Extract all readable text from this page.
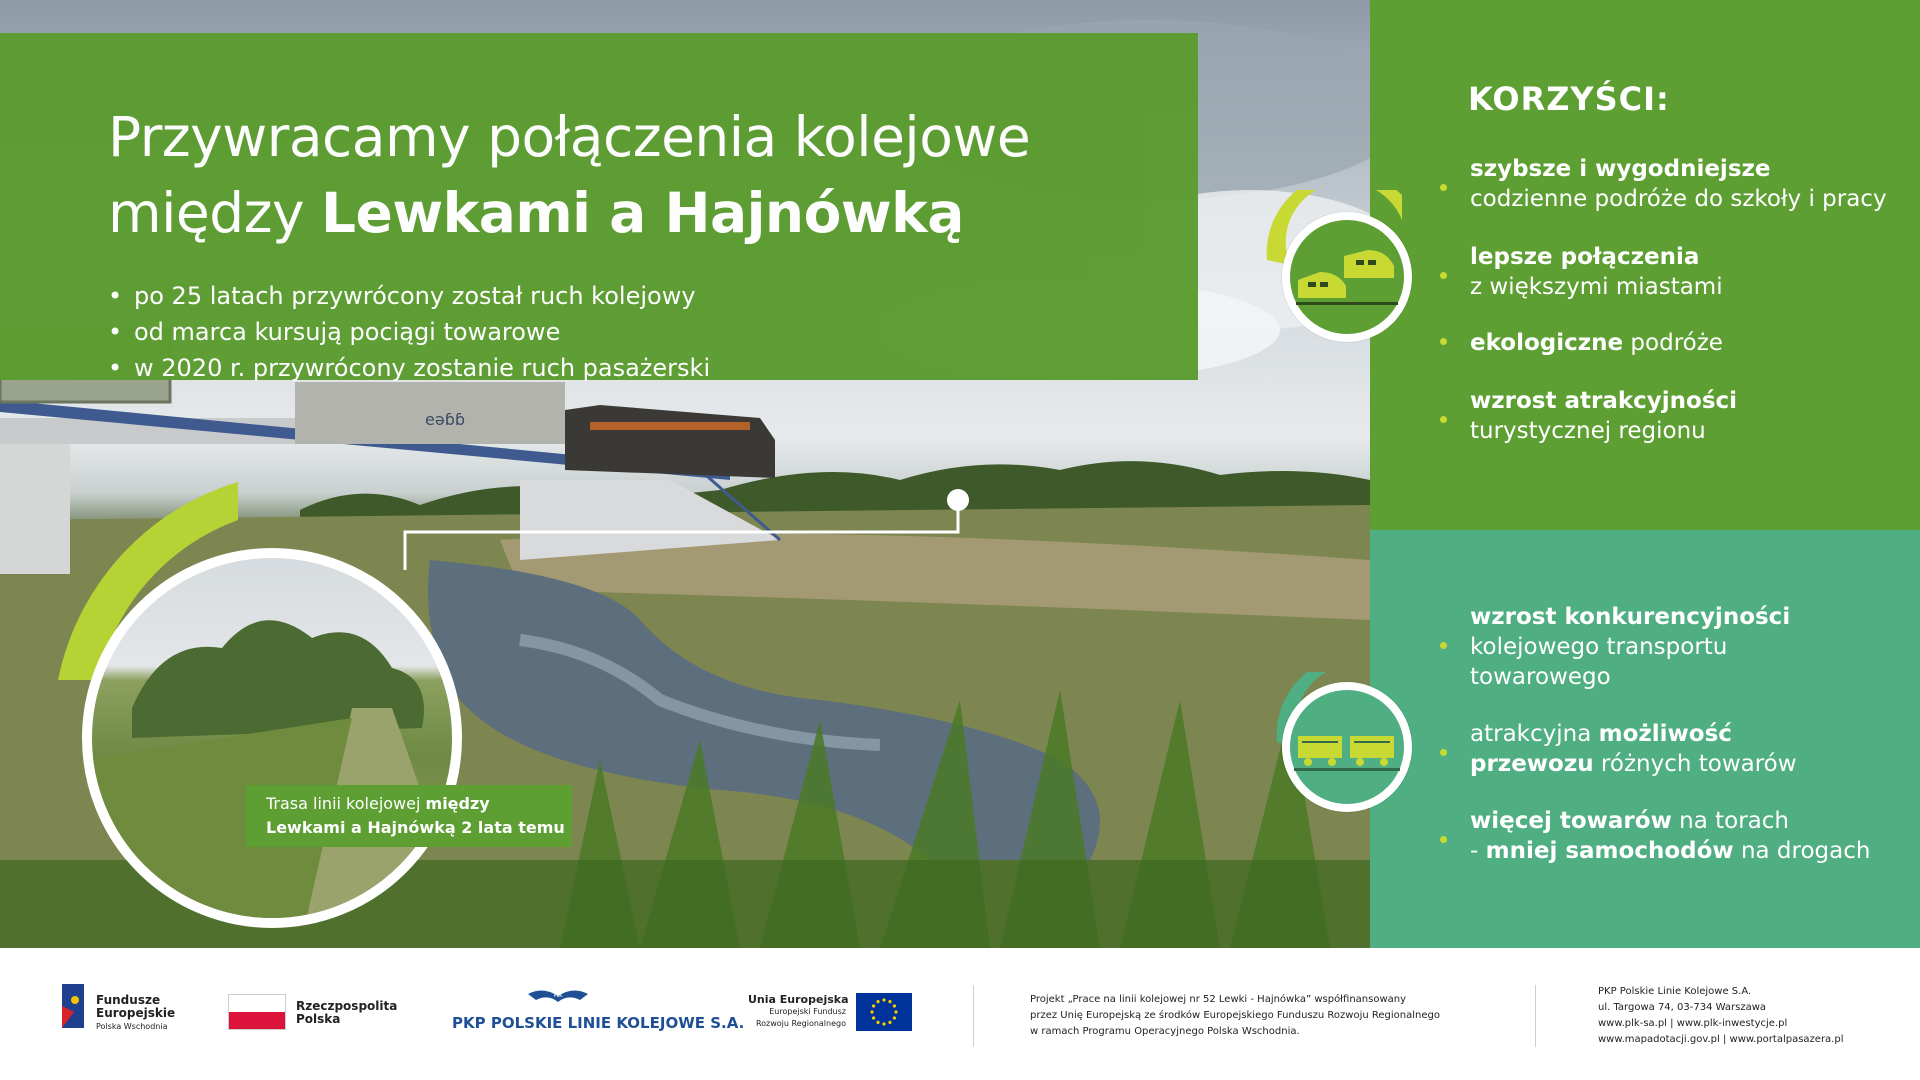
eǝɓɓ
Trasa linii kolejowej między
Lewkami a Hajnówką 2 lata temu
Przywracamy połączenia kolejowe
między Lewkami a Hajnówką
• po 25 latach przywrócony został ruch kolejowy
• od marca kursują pociągi towarowe
• w 2020 r. przywrócony zostanie ruch pasażerski
KORZYŚCI:
szybsze i wygodniejsze
codzienne podróże do szkoły i pracy
lepsze połączenia
z większymi miastami
ekologiczne podróże
wzrost atrakcyjności
turystycznej regionu
wzrost konkurencyjności
kolejowego transportu
towarowego
atrakcyjna możliwość
przewozu różnych towarów
więcej towarów na torach
- mniej samochodów na drogach
Fundusze
Europejskie
Polska Wschodnia
Rzeczpospolita
Polska
PLK
PKP POLSKIE LINIE KOLEJOWE S.A.
Unia Europejska
Europejski Fundusz
Rozwoju Regionalnego
Projekt „Prace na linii kolejowej nr 52 Lewki - Hajnówka” współfinansowany
przez Unię Europejską ze środków Europejskiego Funduszu Rozwoju Regionalnego
w ramach Programu Operacyjnego Polska Wschodnia.
PKP Polskie Linie Kolejowe S.A.
ul. Targowa 74, 03-734 Warszawa
www.plk-sa.pl | www.plk-inwestycje.pl
www.mapadotacji.gov.pl | www.portalpasazera.pl
